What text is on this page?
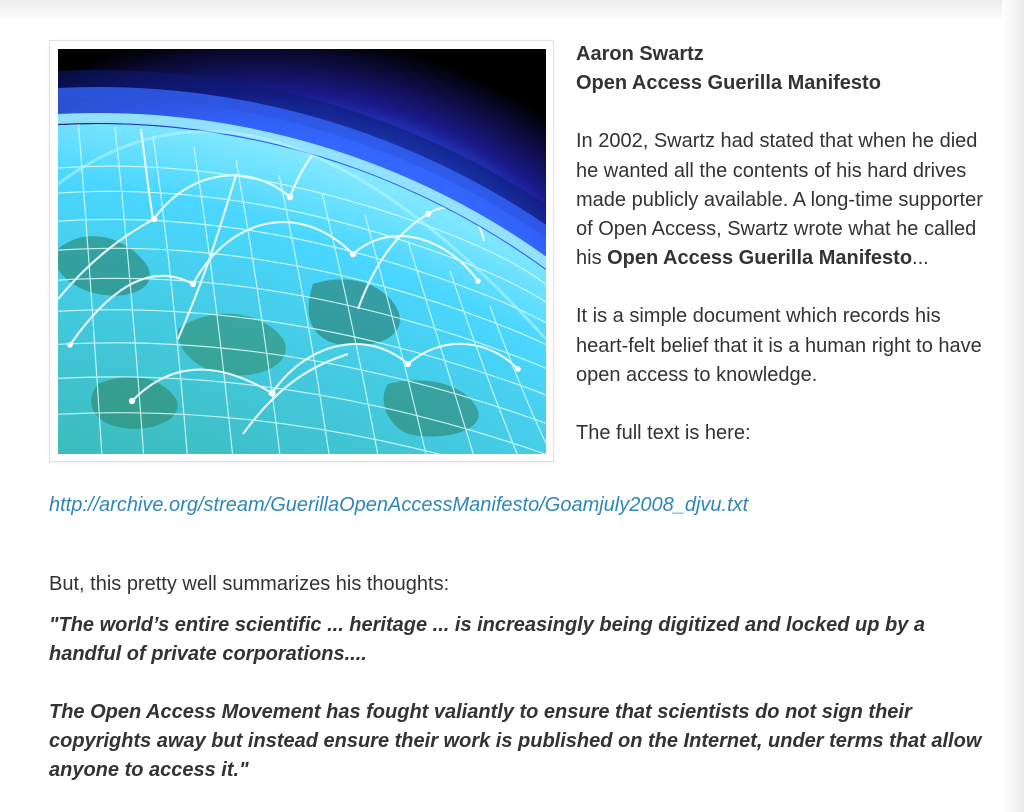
Aaron Swartz
Open Access Guerilla Manifesto

In 2002, Swartz had stated that when he died he wanted all the contents of his hard drives made publicly available. A long-time supporter of Open Access, Swartz wrote what he called his Open Access Guerilla Manifesto...

It is a simple document which records his heart-felt belief that it is a human right to have open access to knowledge.

The full text is here:

http://archive.org/stream/GuerillaOpenAccessManifesto/Goamjuly2008_djvu.txt

But, this pretty well summarizes his thoughts:

"The world’s entire scientific ... heritage ... is increasingly being digitized and locked up by a handful of private corporations....

The Open Access Movement has fought valiantly to ensure that scientists do not sign their copyrights away but instead ensure their work is published on the Internet, under terms that allow anyone to access it."
